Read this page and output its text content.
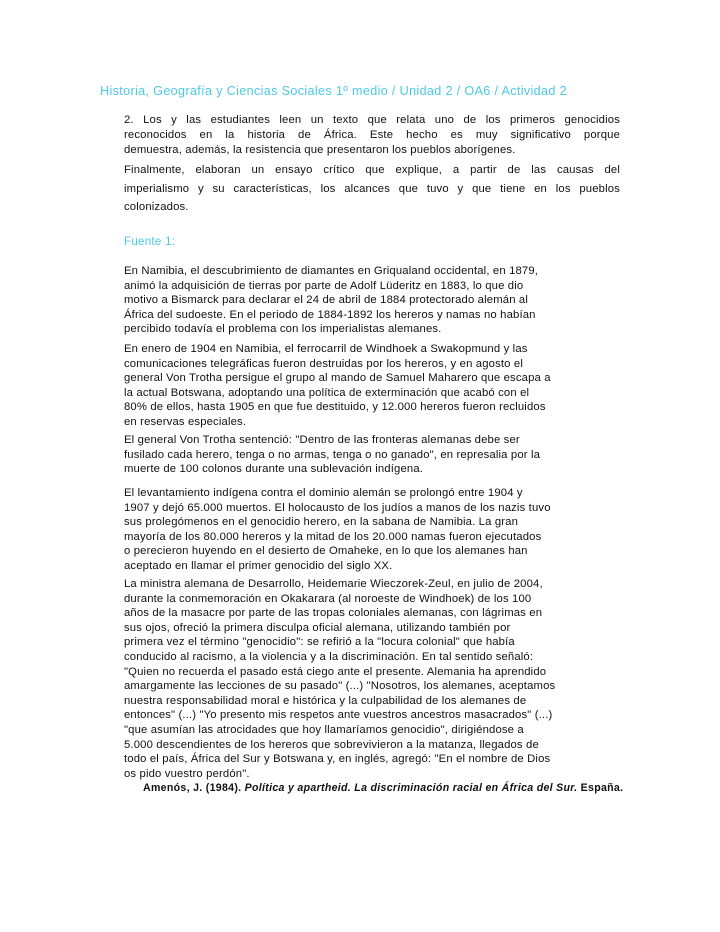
Historia, Geografía y Ciencias Sociales 1º medio / Unidad 2 / OA6 / Actividad 2
2. Los y las estudiantes leen un texto que relata uno de los primeros genocidios
reconocidos en la historia de África. Este hecho es muy significativo porque
demuestra, además, la resistencia que presentaron los pueblos aborígenes.
Finalmente, elaboran un ensayo crítico que explique, a partir de las causas del
imperialismo y su características, los alcances que tuvo y que tiene en los pueblos
colonizados.
Fuente 1:
En Namibia, el descubrimiento de diamantes en Griqualand occidental, en 1879,
animó la adquisición de tierras por parte de Adolf Lüderitz en 1883, lo que dio
motivo a Bismarck para declarar el 24 de abril de 1884 protectorado alemán al
África del sudoeste. En el periodo de 1884-1892 los hereros y namas no habían
percibido todavía el problema con los imperialistas alemanes.
En enero de 1904 en Namibia, el ferrocarril de Windhoek a Swakopmund y las
comunicaciones telegráficas fueron destruidas por los hereros, y en agosto el
general Von Trotha persigue el grupo al mando de Samuel Maharero que escapa a
la actual Botswana, adoptando una política de exterminación que acabó con el
80% de ellos, hasta 1905 en que fue destituido, y 12.000 hereros fueron recluidos
en reservas especiales.
El general Von Trotha sentenció: "Dentro de las fronteras alemanas debe ser
fusilado cada herero, tenga o no armas, tenga o no ganado", en represalia por la
muerte de 100 colonos durante una sublevación indígena.
El levantamiento indígena contra el dominio alemán se prolongó entre 1904 y
1907 y dejó 65.000 muertos. El holocausto de los judíos a manos de los nazis tuvo
sus prolegómenos en el genocidio herero, en la sabana de Namibia. La gran
mayoría de los 80.000 hereros y la mitad de los 20.000 namas fueron ejecutados
o perecieron huyendo en el desierto de Omaheke, en lo que los alemanes han
aceptado en llamar el primer genocidio del siglo XX.
La ministra alemana de Desarrollo, Heidemarie Wieczorek-Zeul, en julio de 2004,
durante la conmemoración en Okakarara (al noroeste de Windhoek) de los 100
años de la masacre por parte de las tropas coloniales alemanas, con lágrimas en
sus ojos, ofreció la primera disculpa oficial alemana, utilizando también por
primera vez el término "genocidio": se refirió a la "locura colonial" que había
conducido al racismo, a la violencia y a la discriminación. En tal sentido señaló:
"Quien no recuerda el pasado está ciego ante el presente. Alemania ha aprendido
amargamente las lecciones de su pasado" (...) "Nosotros, los alemanes, aceptamos
nuestra responsabilidad moral e histórica y la culpabilidad de los alemanes de
entonces" (...) "Yo presento mis respetos ante vuestros ancestros masacrados" (...)
"que asumían las atrocidades que hoy llamaríamos genocidio", dirigiéndose a
5.000 descendientes de los hereros que sobrevivieron a la matanza, llegados de
todo el país, África del Sur y Botswana y, en inglés, agregó: "En el nombre de Dios
os pido vuestro perdón".
Amenós, J. (1984). Política y apartheid. La discriminación racial en África del Sur. España.
